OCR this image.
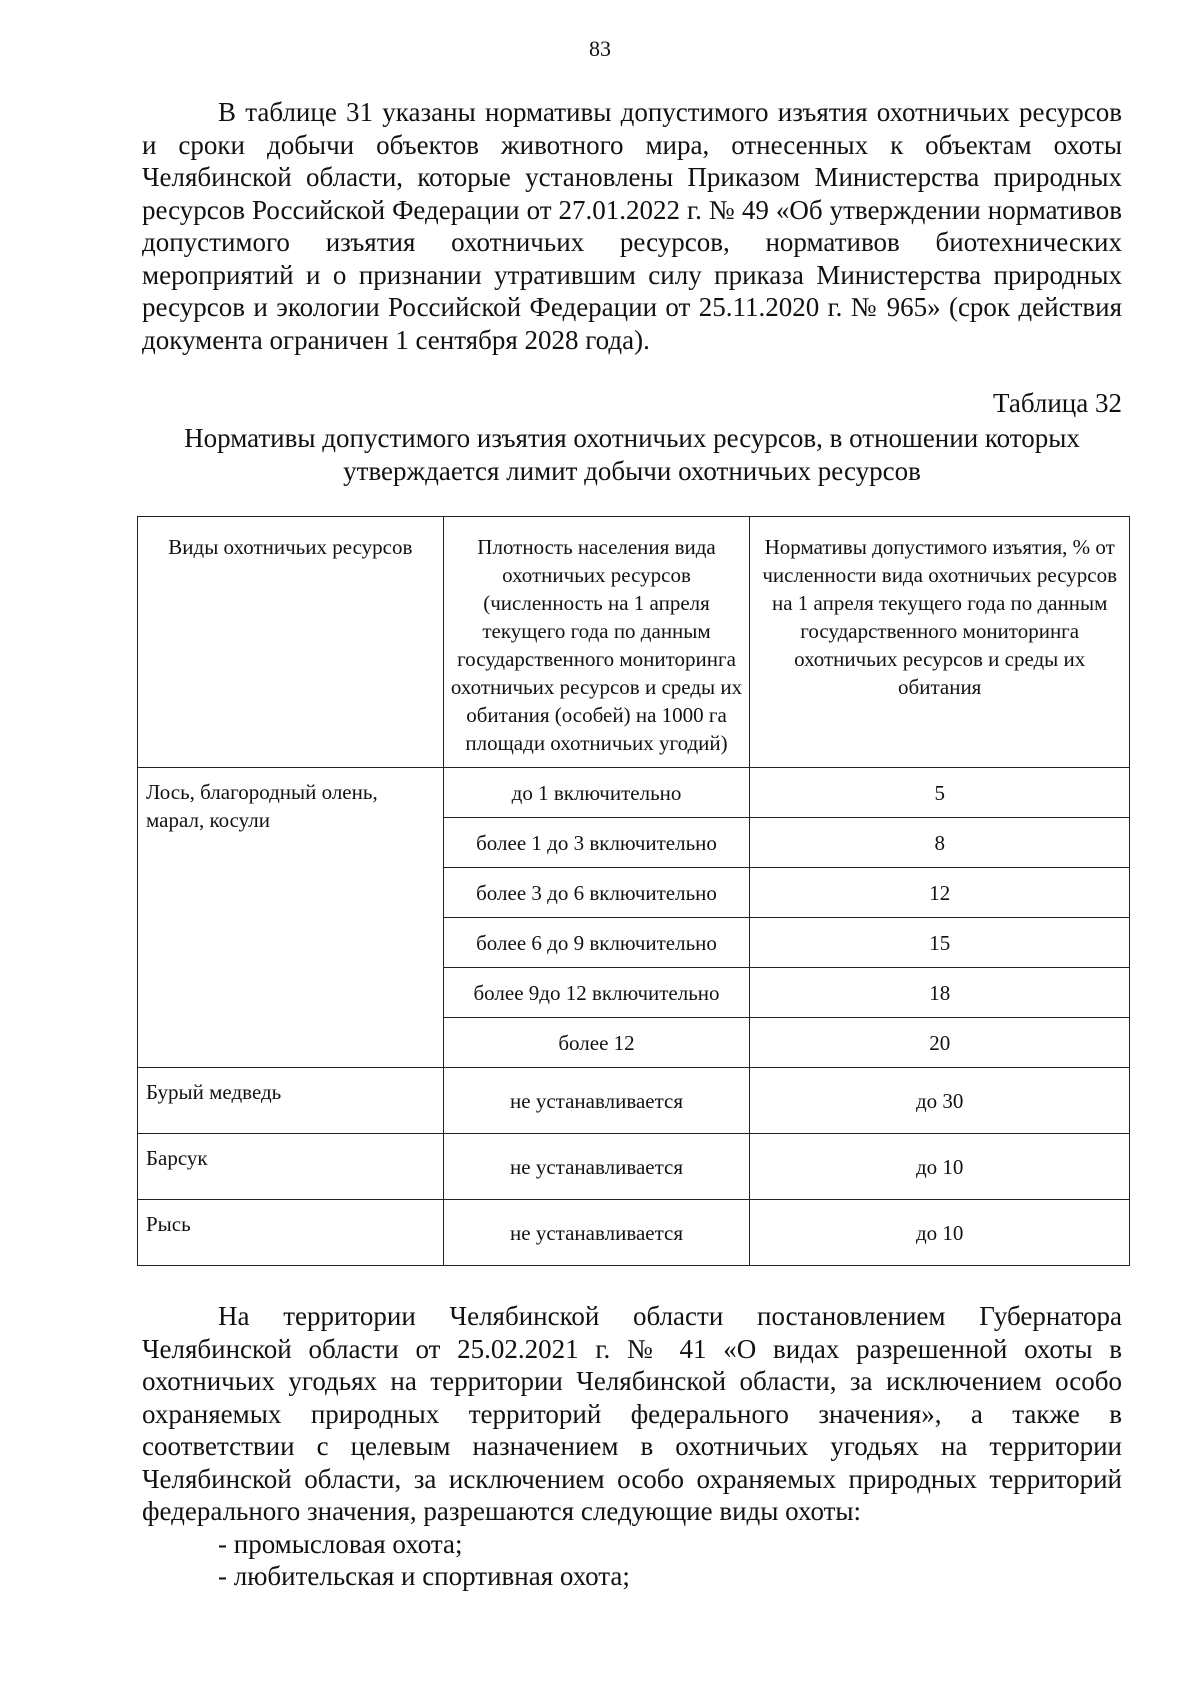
83

В таблице 31 указаны нормативы допустимого изъятия охотничьих ресурсов и сроки добычи объектов животного мира, отнесенных к объектам охоты Челябинской области, которые установлены Приказом Министерства природных ресурсов Российской Федерации от 27.01.2022 г. № 49 «Об утверждении нормативов допустимого изъятия охотничьих ресурсов, нормативов биотехнических мероприятий и о признании утратившим силу приказа Министерства природных ресурсов и экологии Российской Федерации от 25.11.2020 г. № 965» (срок действия документа ограничен 1 сентября 2028 года).

Таблица 32
Нормативы допустимого изъятия охотничьих ресурсов, в отношении которых утверждается лимит добычи охотничьих ресурсов
Виды охотничьих ресурсов	Плотность населения вида охотничьих ресурсов (численность на 1 апреля текущего года по данным государственного мониторинга охотничьих ресурсов и среды их обитания (особей) на 1000 га площади охотничьих угодий)	Нормативы допустимого изъятия, % от численности вида охотничьих ресурсов на 1 апреля текущего года по данным государственного мониторинга охотничьих ресурсов и среды их обитания
Лось, благородный олень, марал, косули	до 1 включительно	5
	более 1 до 3 включительно	8
	более 3 до 6 включительно	12
	более 6 до 9 включительно	15
	более 9до 12 включительно	18
	более 12	20
Бурый медведь	не устанавливается	до 30
Барсук	не устанавливается	до 10
Рысь	не устанавливается	до 10

На территории Челябинской области постановлением Губернатора Челябинской области от 25.02.2021 г. № 41 «О видах разрешенной охоты в охотничьих угодьях на территории Челябинской области, за исключением особо охраняемых природных территорий федерального значения», а также в соответствии с целевым назначением в охотничьих угодьях на территории Челябинской области, за исключением особо охраняемых природных территорий федерального значения, разрешаются следующие виды охоты:

- промысловая охота;

- любительская и спортивная охота;
